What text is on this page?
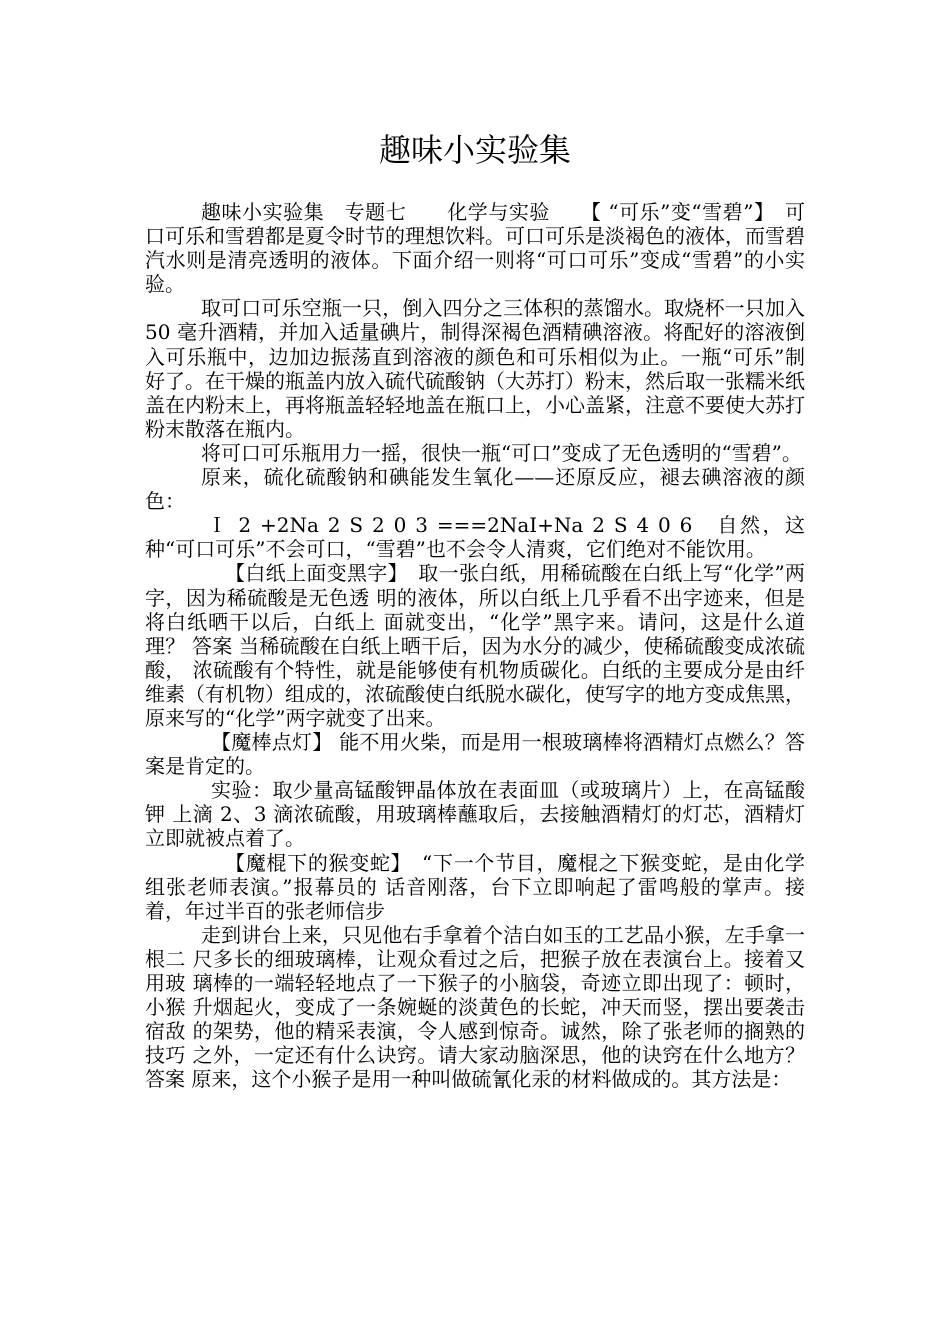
趣味小实验集

趣味小实验集　专题七　　化学与实验　　【 “可乐”变“雪碧”】　可口可乐和雪碧都是夏令时节的理想饮料。可口可乐是淡褐色的液体，而雪碧汽水则是清亮透明的液体。下面介绍一则将“可口可乐”变成“雪碧”的小实验。

取可口可乐空瓶一只，倒入四分之三体积的蒸馏水。取烧杯一只加入 50 毫升酒精，并加入适量碘片，制得深褐色酒精碘溶液。将配好的溶液倒入可乐瓶中，边加边振荡直到溶液的颜色和可乐相似为止。一瓶“可乐”制好了。在干燥的瓶盖内放入硫代硫酸钠（大苏打）粉末，然后取一张糯米纸盖在内粉末上，再将瓶盖轻轻地盖在瓶口上，小心盖紧，注意不要使大苏打粉末散落在瓶内。

将可口可乐瓶用力一摇，很快一瓶“可口”变成了无色透明的“雪碧”。

原来，硫化硫酸钠和碘能发生氧化——还原反应，褪去碘溶液的颜色：

Ｉ 2 +2Na 2 S 2 0 3 ===2NaI+Na 2 S 4 0 6　自然，这种“可口可乐”不会可口，“雪碧”也不会令人清爽，它们绝对不能饮用。

【白纸上面变黑字】　取一张白纸，用稀硫酸在白纸上写“化学”两字，因为稀硫酸是无色透 明的液体，所以白纸上几乎看不出字迹来，但是将白纸晒干以后，白纸上 面就变出，“化学”黑字来。请问，这是什么道理？ 答案 当稀硫酸在白纸上晒干后，因为水分的减少，使稀硫酸变成浓硫酸， 浓硫酸有个特性，就是能够使有机物质碳化。白纸的主要成分是由纤维素（有机物）组成的，浓硫酸使白纸脱水碳化，使写字的地方变成焦黑，原来写的“化学”两字就变了出来。

【魔棒点灯】 能不用火柴，而是用一根玻璃棒将酒精灯点燃么？答案是肯定的。

实验：取少量高锰酸钾晶体放在表面皿（或玻璃片）上，在高锰酸钾 上滴 2、3 滴浓硫酸，用玻璃棒蘸取后，去接触酒精灯的灯芯，酒精灯立即就被点着了。

【魔棍下的猴变蛇】　“下一个节目，魔棍之下猴变蛇，是由化学组张老师表演。”报幕员的 话音刚落，台下立即响起了雷鸣般的掌声。接着，年过半百的张老师信步

走到讲台上来，只见他右手拿着个洁白如玉的工艺品小猴，左手拿一根二 尺多长的细玻璃棒，让观众看过之后，把猴子放在表演台上。接着又用玻 璃棒的一端轻轻地点了一下猴子的小脑袋，奇迹立即出现了：顿时，小猴 升烟起火，变成了一条婉蜒的淡黄色的长蛇，冲天而竖，摆出要袭击宿敌 的架势，他的精采表演，令人感到惊奇。诚然，除了张老师的搁熟的技巧 之外，一定还有什么诀窍。请大家动脑深思，他的诀窍在什么地方？ 答案 原来，这个小猴子是用一种叫做硫氰化汞的材料做成的。其方法是：
